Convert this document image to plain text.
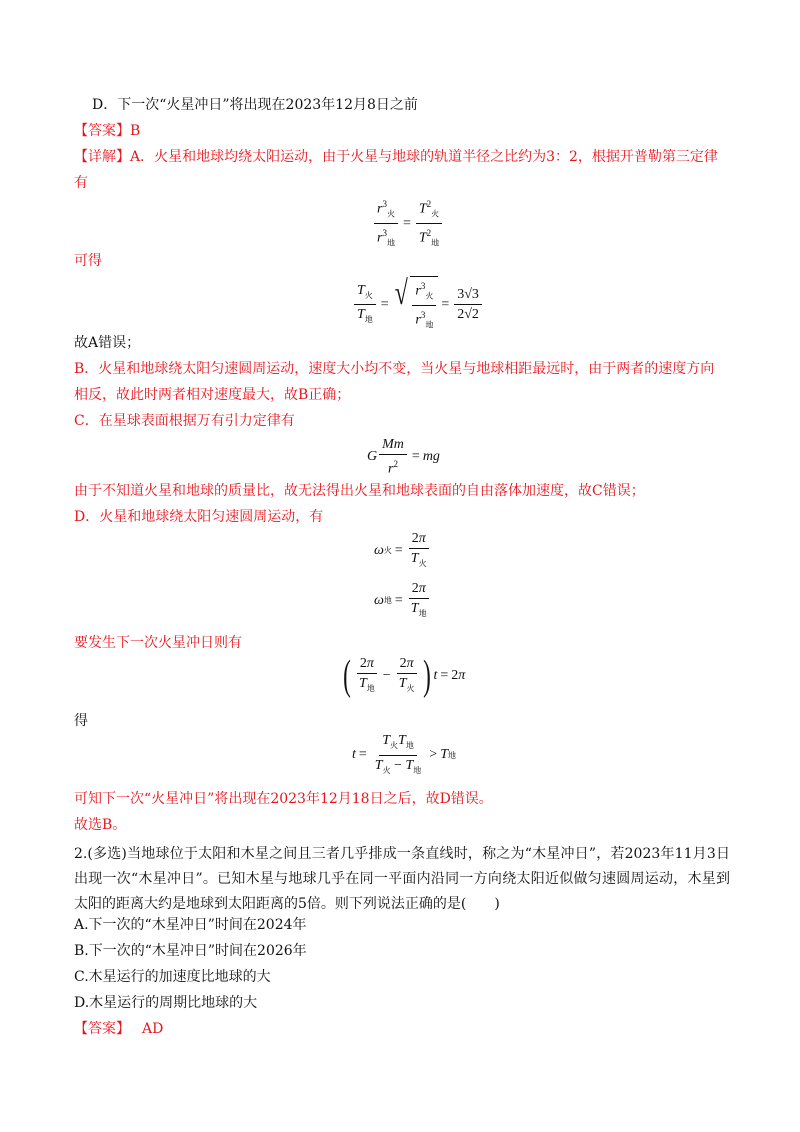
D．下一次“火星冲日”将出现在2023年12月8日之前
【答案】B
【详解】A．火星和地球均绕太阳运动，由于火星与地球的轨道半径之比约为3：2，根据开普勒第三定律
有
$\frac{r^3_火}{r^3_地} = \frac{T^2_火}{T^2_地}$
可得
$\frac{T_火}{T_地}$ = √ $\frac{r^3_火}{r^3_地} = \frac{3√3}{2√2}$
故A错误；
B．火星和地球绕太阳匀速圆周运动，速度大小均不变，当火星与地球相距最远时，由于两者的速度方向
相反，故此时两者相对速度最大，故B正确；
C．在星球表面根据万有引力定律有
G $\frac{Mm}{r^2}$ = mg
由于不知道火星和地球的质量比，故无法得出火星和地球表面的自由落体加速度，故C错误；
D．火星和地球绕太阳匀速圆周运动，有
ω 火 = $\frac{2\pi}{T_火}$
ω 地 = $\frac{2\pi}{T_地}$
要发生下一次火星冲日则有
( $\frac{2\pi}{T_地} - \frac{2\pi}{T_火}$ ) t = 2π
得
$t = \frac{T_火T_地}{T_火 - T_地} > T$ 地
可知下一次“火星冲日”将出现在2023年12月18日之后，故D错误。
故选B。
2.(多选)当地球位于太阳和木星之间且三者几乎排成一条直线时，称之为“木星冲日”，若2023年11月3日出现一次“木星冲日”。已知木星与地球几乎在同一平面内沿同一方向绕太阳近似做匀速圆周运动，木星到太阳的距离大约是地球到太阳距离的5倍。则下列说法正确的是(　　)
A.下一次的“木星冲日”时间在2024年
B.下一次的“木星冲日”时间在2026年
C.木星运行的加速度比地球的大
D.木星运行的周期比地球的大
【答案】 AD
